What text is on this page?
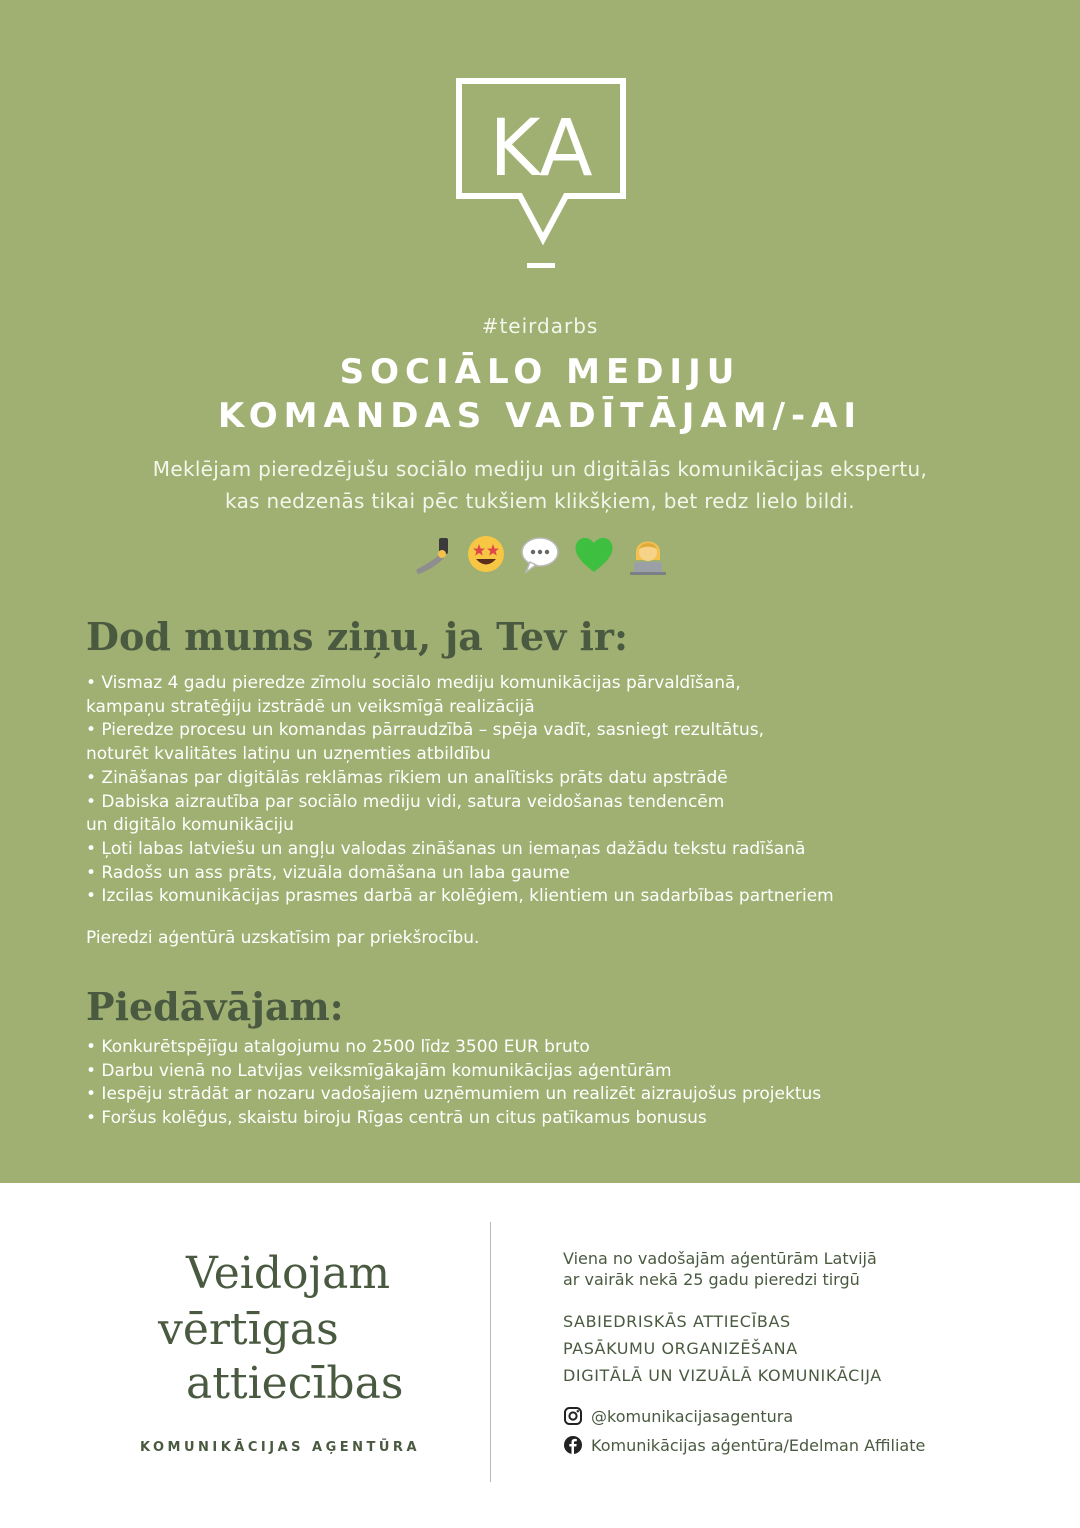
KA
#teirdarbs
SOCIĀLO MEDIJU
KOMANDAS VADĪTĀJAM/-AI
Meklējam pieredzējušu sociālo mediju un digitālās komunikācijas ekspertu,
kas nedzenās tikai pēc tukšiem klikšķiem, bet redz lielo bildi.
Dod mums ziņu, ja Tev ir:
• Vismaz 4 gadu pieredze zīmolu sociālo mediju komunikācijas pārvaldīšanā,
kampaņu stratēģiju izstrādē un veiksmīgā realizācijā
• Pieredze procesu un komandas pārraudzībā – spēja vadīt, sasniegt rezultātus,
noturēt kvalitātes latiņu un uzņemties atbildību
• Zināšanas par digitālās reklāmas rīkiem un analītisks prāts datu apstrādē
• Dabiska aizrautība par sociālo mediju vidi, satura veidošanas tendencēm
un digitālo komunikāciju
• Ļoti labas latviešu un angļu valodas zināšanas un iemaņas dažādu tekstu radīšanā
• Radošs un ass prāts, vizuāla domāšana un laba gaume
• Izcilas komunikācijas prasmes darbā ar kolēģiem, klientiem un sadarbības partneriem
Pieredzi aģentūrā uzskatīsim par priekšrocību.
Piedāvājam:
• Konkurētspējīgu atalgojumu no 2500 līdz 3500 EUR bruto
• Darbu vienā no Latvijas veiksmīgākajām komunikācijas aģentūrām
• Iespēju strādāt ar nozaru vadošajiem uzņēmumiem un realizēt aizraujošus projektus
• Foršus kolēģus, skaistu biroju Rīgas centrā un citus patīkamus bonusus
Veidojam
vērtīgas
attiecības
KOMUNIKĀCIJAS AĢENTŪRA
Viena no vadošajām aģentūrām Latvijā
ar vairāk nekā 25 gadu pieredzi tirgū
SABIEDRISKĀS ATTIECĪBAS
PASĀKUMU ORGANIZĒŠANA
DIGITĀLĀ UN VIZUĀLĀ KOMUNIKĀCIJA
@komunikacijasagentura
Komunikācijas aģentūra/Edelman Affiliate
